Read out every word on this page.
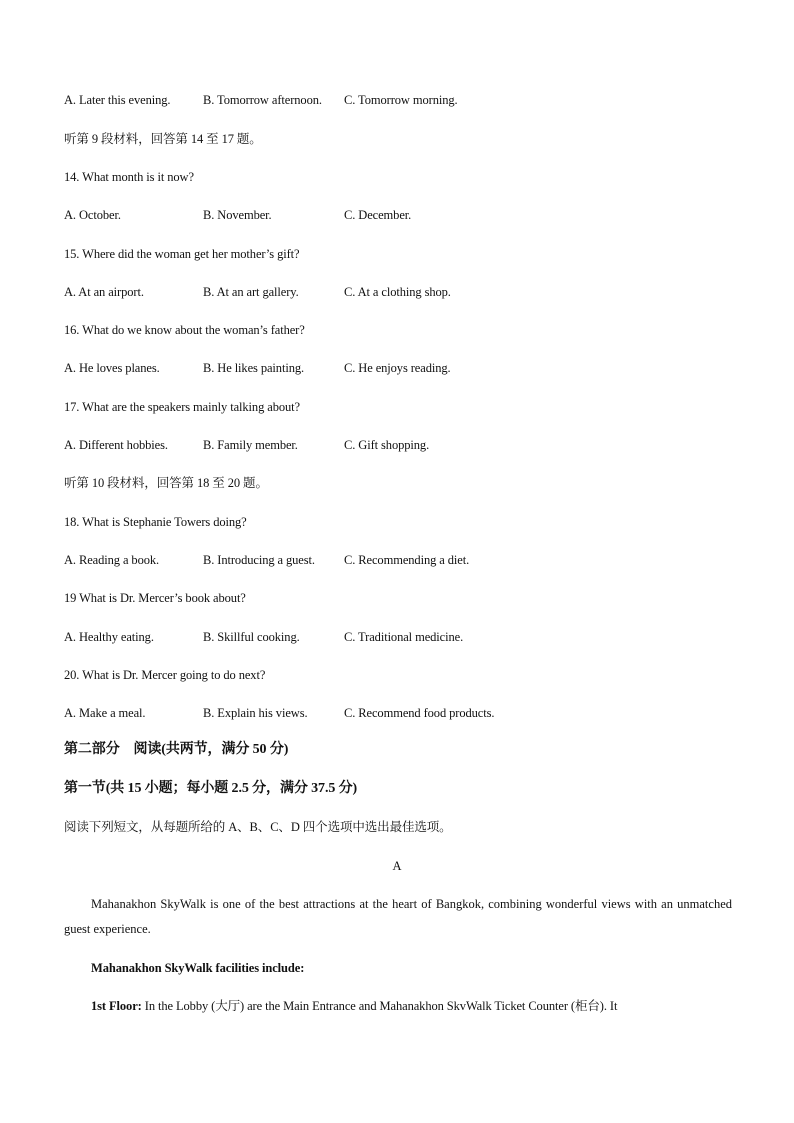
A. Later this evening.	B. Tomorrow afternoon. C. Tomorrow morning.
听第 9 段材料，回答第 14 至 17 题。
14. What month is it now?
A. October.	B. November.	C. December.
15. Where did the woman get her mother’s gift?
A. At an airport.	B. At an art gallery.	C. At a clothing shop.
16. What do we know about the woman’s father?
A. He loves planes.	B. He likes painting.	C. He enjoys reading.
17. What are the speakers mainly talking about?
A. Different hobbies.	B. Family member.	C. Gift shopping.
听第 10 段材料，回答第 18 至 20 题。
18. What is Stephanie Towers doing?
A. Reading a book.	B. Introducing a guest. C. Recommending a diet.
19 What is Dr. Mercer’s book about?
A. Healthy eating.	B. Skillful cooking.	C. Traditional medicine.
20. What is Dr. Mercer going to do next?
A. Make a meal.	B. Explain his views.	C. Recommend food products.
第二部分　阅读(共两节，满分 50 分)
第一节(共 15 小题；每小题 2.5 分，满分 37.5 分)
阅读下列短文，从每题所给的 A、B、C、D 四个选项中选出最佳选项。
A
Mahanakhon SkyWalk is one of the best attractions at the heart of Bangkok, combining wonderful views with an unmatched guest experience.
Mahanakhon SkyWalk facilities include:
1st Floor: In the Lobby (大厅) are the Main Entrance and Mahanakhon SkvWalk Ticket Counter (柜台). It
